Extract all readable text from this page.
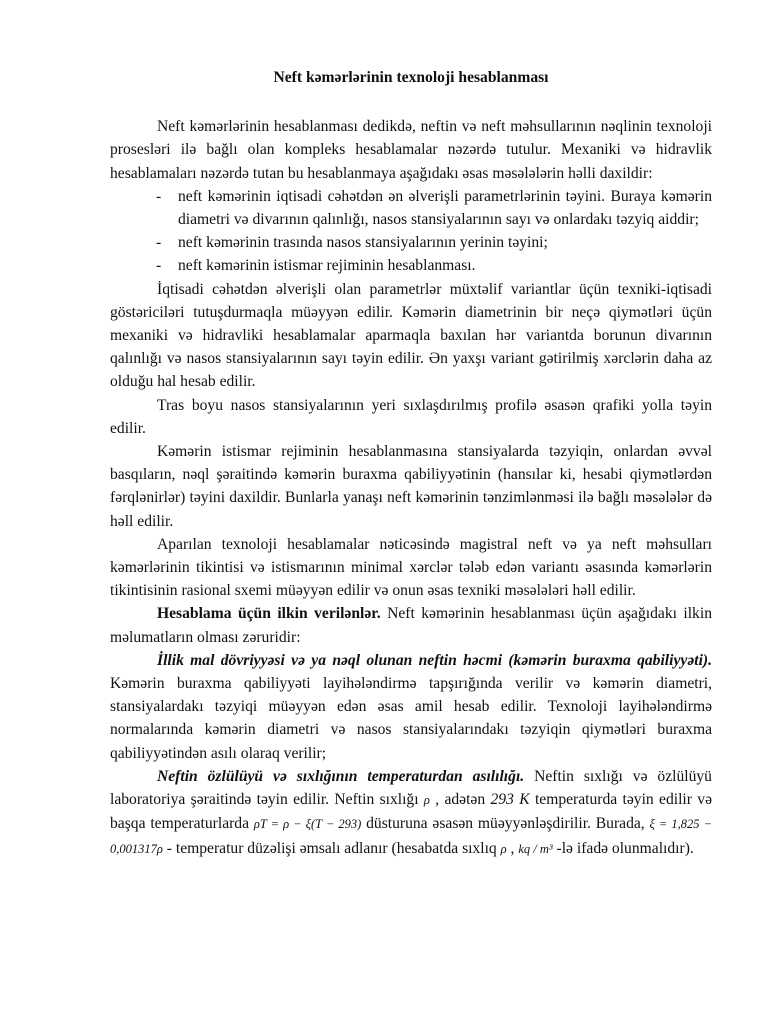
Neft kəmərlərinin texnoloji hesablanması

Neft kəmərlərinin hesablanması dedikdə, neftin və neft məhsullarının nəqlinin texnoloji prosesləri ilə bağlı olan kompleks hesablamalar nəzərdə tutulur. Mexaniki və hidravlik hesablamaları nəzərdə tutan bu hesablanmaya aşağıdakı əsas məsələlərin həlli daxildir:

- neft kəmərinin iqtisadi cəhətdən ən əlverişli parametrlərinin təyini. Buraya kəmərin diametri və divarının qalınlığı, nasos stansiyalarının sayı və onlardakı təzyiq aiddir;
- neft kəmərinin trasında nasos stansiyalarının yerinin təyini;
- neft kəmərinin istismar rejiminin hesablanması.

İqtisadi cəhətdən əlverişli olan parametrlər müxtəlif variantlar üçün texniki-iqtisadi göstəriciləri tutuşdurmaqla müəyyən edilir. Kəmərin diametrinin bir neçə qiymətləri üçün mexaniki və hidravliki hesablamalar aparmaqla baxılan hər variantda borunun divarının qalınlığı və nasos stansiyalarının sayı təyin edilir. Ən yaxşı variant gətirilmiş xərclərin daha az olduğu hal hesab edilir.

Tras boyu nasos stansiyalarının yeri sıxlaşdırılmış profilə əsasən qrafiki yolla təyin edilir.

Kəmərin istismar rejiminin hesablanmasına stansiyalarda təzyiqin, onlardan əvvəl basqıların, nəql şəraitində kəmərin buraxma qabiliyyətinin (hansılar ki, hesabi qiymətlərdən fərqlənirlər) təyini daxildir. Bunlarla yanaşı neft kəmərinin tənzimlənməsi ilə bağlı məsələlər də həll edilir.

Aparılan texnoloji hesablamalar nəticəsində magistral neft və ya neft məhsulları kəmərlərinin tikintisi və istismarının minimal xərclər tələb edən variantı əsasında kəmərlərin tikintisinin rasional sxemi müəyyən edilir və onun əsas texniki məsələləri həll edilir.

Hesablama üçün ilkin verilənlər. Neft kəmərinin hesablanması üçün aşağıdakı ilkin məlumatların olması zəruridir:

İllik mal dövriyyəsi və ya nəql olunan neftin həcmi (kəmərin buraxma qabiliyyəti). Kəmərin buraxma qabiliyyəti layihələndirmə tapşırığında verilir və kəmərin diametri, stansiyalardakı təzyiqi müəyyən edən əsas amil hesab edilir. Texnoloji layihələndirmə normalarında kəmərin diametri və nasos stansiyalarındakı təzyiqin qiymətləri buraxma qabiliyyətindən asılı olaraq verilir;

Neftin özlülüyü və sıxlığının temperaturdan asılılığı. Neftin sıxlığı və özlülüyü laboratoriya şəraitində təyin edilir. Neftin sıxlığı ρ , adətən 293 K temperaturda təyin edilir və başqa temperaturlarda ρT = ρ − ξ(T − 293) düsturuna əsasən müəyyənləşdirilir. Burada, ξ = 1,825 − 0,001317ρ - temperatur düzəlişi əmsalı adlanır (hesabatda sıxlıq ρ , kq / m³ -lə ifadə olunmalıdır).
